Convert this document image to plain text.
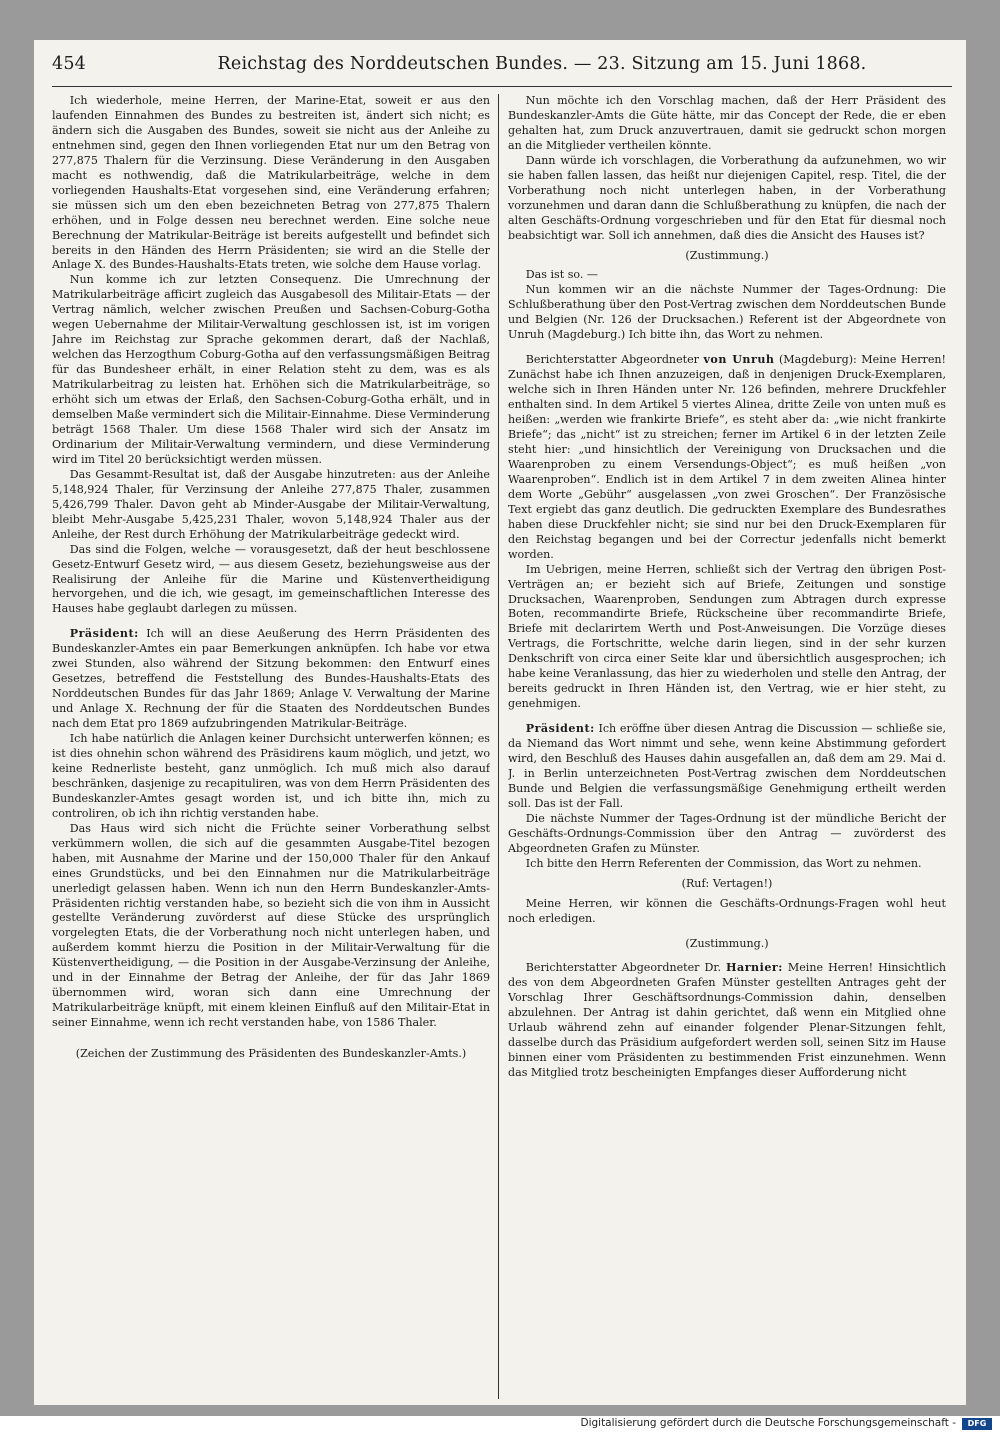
454	Reichstag des Norddeutschen Bundes. — 23. Sitzung am 15. Juni 1868.

Ich wiederhole, meine Herren, der Marine-Etat, soweit er aus den laufenden Einnahmen des Bundes zu bestreiten ist, ändert sich nicht; es ändern sich die Ausgaben des Bundes, soweit sie nicht aus der Anleihe zu entnehmen sind, gegen den Ihnen vorliegenden Etat nur um den Betrag von 277,875 Thalern für die Verzinsung. Diese Veränderung in den Ausgaben macht es nothwendig, daß die Matrikularbeiträge, welche in dem vorliegenden Haushalts-Etat vorgesehen sind, eine Veränderung erfahren; sie müssen sich um den eben bezeichneten Betrag von 277,875 Thalern erhöhen, und in Folge dessen neu berechnet werden. Eine solche neue Berechnung der Matrikular-Beiträge ist bereits aufgestellt und befindet sich bereits in den Händen des Herrn Präsidenten; sie wird an die Stelle der Anlage X. des Bundes-Haushalts-Etats treten, wie solche dem Hause vorlag.

Nun komme ich zur letzten Consequenz. Die Umrechnung der Matrikularbeiträge afficirt zugleich das Ausgabesoll des Militair-Etats — der Vertrag nämlich, welcher zwischen Preußen und Sachsen-Coburg-Gotha wegen Uebernahme der Militair-Verwaltung geschlossen ist, ist im vorigen Jahre im Reichstag zur Sprache gekommen derart, daß der Nachlaß, welchen das Herzogthum Coburg-Gotha auf den verfassungsmäßigen Beitrag für das Bundesheer erhält, in einer Relation steht zu dem, was es als Matrikularbeitrag zu leisten hat. Erhöhen sich die Matrikularbeiträge, so erhöht sich um etwas der Erlaß, den Sachsen-Coburg-Gotha erhält, und in demselben Maße vermindert sich die Militair-Einnahme. Diese Verminderung beträgt 1568 Thaler. Um diese 1568 Thaler wird sich der Ansatz im Ordinarium der Militair-Verwaltung vermindern, und diese Verminderung wird im Titel 20 berücksichtigt werden müssen.

Das Gesammt-Resultat ist, daß der Ausgabe hinzutreten: aus der Anleihe 5,148,924 Thaler, für Verzinsung der Anleihe 277,875 Thaler, zusammen 5,426,799 Thaler. Davon geht ab Minder-Ausgabe der Militair-Verwaltung, bleibt Mehr-Ausgabe 5,425,231 Thaler, wovon 5,148,924 Thaler aus der Anleihe, der Rest durch Erhöhung der Matrikularbeiträge gedeckt wird.

Das sind die Folgen, welche — vorausgesetzt, daß der heut beschlossene Gesetz-Entwurf Gesetz wird, — aus diesem Gesetz, beziehungsweise aus der Realisirung der Anleihe für die Marine und Küstenvertheidigung hervorgehen, und die ich, wie gesagt, im gemeinschaftlichen Interesse des Hauses habe geglaubt darlegen zu müssen.

Präsident: Ich will an diese Aeußerung des Herrn Präsidenten des Bundeskanzler-Amtes ein paar Bemerkungen anknüpfen. Ich habe vor etwa zwei Stunden, also während der Sitzung bekommen: den Entwurf eines Gesetzes, betreffend die Feststellung des Bundes-Haushalts-Etats des Norddeutschen Bundes für das Jahr 1869; Anlage V. Verwaltung der Marine und Anlage X. Rechnung der für die Staaten des Norddeutschen Bundes nach dem Etat pro 1869 aufzubringenden Matrikular-Beiträge.

Ich habe natürlich die Anlagen keiner Durchsicht unterwerfen können; es ist dies ohnehin schon während des Präsidirens kaum möglich, und jetzt, wo keine Rednerliste besteht, ganz unmöglich. Ich muß mich also darauf beschränken, dasjenige zu recapituliren, was von dem Herrn Präsidenten des Bundeskanzler-Amtes gesagt worden ist, und ich bitte ihn, mich zu controliren, ob ich ihn richtig verstanden habe.

Das Haus wird sich nicht die Früchte seiner Vorberathung selbst verkümmern wollen, die sich auf die gesammten Ausgabe-Titel bezogen haben, mit Ausnahme der Marine und der 150,000 Thaler für den Ankauf eines Grundstücks, und bei den Einnahmen nur die Matrikularbeiträge unerledigt gelassen haben. Wenn ich nun den Herrn Bundeskanzler-Amts-Präsidenten richtig verstanden habe, so bezieht sich die von ihm in Aussicht gestellte Veränderung zuvörderst auf diese Stücke des ursprünglich vorgelegten Etats, die der Vorberathung noch nicht unterlegen haben, und außerdem kommt hierzu die Position in der Militair-Verwaltung für die Küstenvertheidigung, — die Position in der Ausgabe-Verzinsung der Anleihe, und in der Einnahme der Betrag der Anleihe, der für das Jahr 1869 übernommen wird, woran sich dann eine Umrechnung der Matrikularbeiträge knüpft, mit einem kleinen Einfluß auf den Militair-Etat in seiner Einnahme, wenn ich recht verstanden habe, von 1586 Thaler.

(Zeichen der Zustimmung des Präsidenten des Bundeskanzler-Amts.)

Nun möchte ich den Vorschlag machen, daß der Herr Präsident des Bundeskanzler-Amts die Güte hätte, mir das Concept der Rede, die er eben gehalten hat, zum Druck anzuvertrauen, damit sie gedruckt schon morgen an die Mitglieder vertheilen könnte.

Dann würde ich vorschlagen, die Vorberathung da aufzunehmen, wo wir sie haben fallen lassen, das heißt nur diejenigen Capitel, resp. Titel, die der Vorberathung noch nicht unterlegen haben, in der Vorberathung vorzunehmen und daran dann die Schlußberathung zu knüpfen, die nach der alten Geschäfts-Ordnung vorgeschrieben und für den Etat für diesmal noch beabsichtigt war. Soll ich annehmen, daß dies die Ansicht des Hauses ist?

(Zustimmung.)

Das ist so. —

Nun kommen wir an die nächste Nummer der Tages-Ordnung: Die Schlußberathung über den Post-Vertrag zwischen dem Norddeutschen Bunde und Belgien (Nr. 126 der Drucksachen.) Referent ist der Abgeordnete von Unruh (Magdeburg.) Ich bitte ihn, das Wort zu nehmen.

Berichterstatter Abgeordneter von Unruh (Magdeburg): Meine Herren! Zunächst habe ich Ihnen anzuzeigen, daß in denjenigen Druck-Exemplaren, welche sich in Ihren Händen unter Nr. 126 befinden, mehrere Druckfehler enthalten sind. In dem Artikel 5 viertes Alinea, dritte Zeile von unten muß es heißen: „werden wie frankirte Briefe“, es steht aber da: „wie nicht frankirte Briefe“; das „nicht“ ist zu streichen; ferner im Artikel 6 in der letzten Zeile steht hier: „und hinsichtlich der Vereinigung von Drucksachen und die Waarenproben zu einem Versendungs-Object“; es muß heißen „von Waarenproben“. Endlich ist in dem Artikel 7 in dem zweiten Alinea hinter dem Worte „Gebühr“ ausgelassen „von zwei Groschen“. Der Französische Text ergiebt das ganz deutlich. Die gedruckten Exemplare des Bundesrathes haben diese Druckfehler nicht; sie sind nur bei den Druck-Exemplaren für den Reichstag begangen und bei der Correctur jedenfalls nicht bemerkt worden.

Im Uebrigen, meine Herren, schließt sich der Vertrag den übrigen Post-Verträgen an; er bezieht sich auf Briefe, Zeitungen und sonstige Drucksachen, Waarenproben, Sendungen zum Abtragen durch expresse Boten, recommandirte Briefe, Rückscheine über recommandirte Briefe, Briefe mit declarirtem Werth und Post-Anweisungen. Die Vorzüge dieses Vertrags, die Fortschritte, welche darin liegen, sind in der sehr kurzen Denkschrift von circa einer Seite klar und übersichtlich ausgesprochen; ich habe keine Veranlassung, das hier zu wiederholen und stelle den Antrag, der bereits gedruckt in Ihren Händen ist, den Vertrag, wie er hier steht, zu genehmigen.

Präsident: Ich eröffne über diesen Antrag die Discussion — schließe sie, da Niemand das Wort nimmt und sehe, wenn keine Abstimmung gefordert wird, den Beschluß des Hauses dahin ausgefallen an, daß dem am 29. Mai d. J. in Berlin unterzeichneten Post-Vertrag zwischen dem Norddeutschen Bunde und Belgien die verfassungsmäßige Genehmigung ertheilt werden soll. Das ist der Fall.

Die nächste Nummer der Tages-Ordnung ist der mündliche Bericht der Geschäfts-Ordnungs-Commission über den Antrag — zuvörderst des Abgeordneten Grafen zu Münster.

Ich bitte den Herrn Referenten der Commission, das Wort zu nehmen.

(Ruf: Vertagen!)

Meine Herren, wir können die Geschäfts-Ordnungs-Fragen wohl heut noch erledigen.

(Zustimmung.)

Berichterstatter Abgeordneter Dr. Harnier: Meine Herren! Hinsichtlich des von dem Abgeordneten Grafen Münster gestellten Antrages geht der Vorschlag Ihrer Geschäftsordnungs-Commission dahin, denselben abzulehnen. Der Antrag ist dahin gerichtet, daß wenn ein Mitglied ohne Urlaub während zehn auf einander folgender Plenar-Sitzungen fehlt, dasselbe durch das Präsidium aufgefordert werden soll, seinen Sitz im Hause binnen einer vom Präsidenten zu bestimmenden Frist einzunehmen. Wenn das Mitglied trotz bescheinigten Empfanges dieser Aufforderung nicht

Digitalisierung gefördert durch die Deutsche Forschungsgemeinschaft -	DFG
